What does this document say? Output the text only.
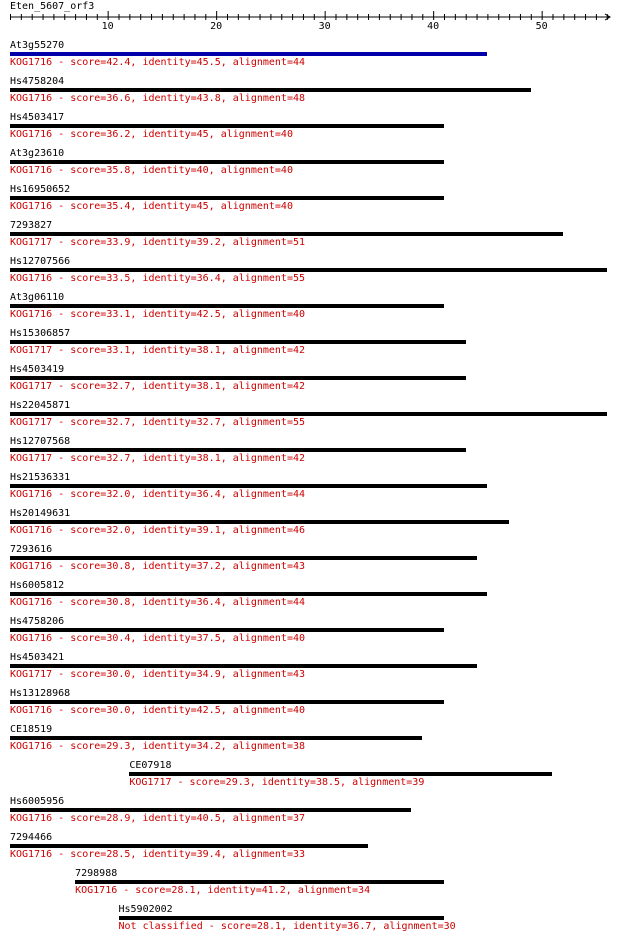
Eten_5607_orf3
At3g55270
KOG1716 - score=42.4, identity=45.5, alignment=44
Hs4758204
KOG1716 - score=36.6, identity=43.8, alignment=48
Hs4503417
KOG1716 - score=36.2, identity=45, alignment=40
At3g23610
KOG1716 - score=35.8, identity=40, alignment=40
Hs16950652
KOG1716 - score=35.4, identity=45, alignment=40
7293827
KOG1717 - score=33.9, identity=39.2, alignment=51
Hs12707566
KOG1716 - score=33.5, identity=36.4, alignment=55
At3g06110
KOG1716 - score=33.1, identity=42.5, alignment=40
Hs15306857
KOG1717 - score=33.1, identity=38.1, alignment=42
Hs4503419
KOG1717 - score=32.7, identity=38.1, alignment=42
Hs22045871
KOG1717 - score=32.7, identity=32.7, alignment=55
Hs12707568
KOG1717 - score=32.7, identity=38.1, alignment=42
Hs21536331
KOG1716 - score=32.0, identity=36.4, alignment=44
Hs20149631
KOG1716 - score=32.0, identity=39.1, alignment=46
7293616
KOG1716 - score=30.8, identity=37.2, alignment=43
Hs6005812
KOG1716 - score=30.8, identity=36.4, alignment=44
Hs4758206
KOG1716 - score=30.4, identity=37.5, alignment=40
Hs4503421
KOG1717 - score=30.0, identity=34.9, alignment=43
Hs13128968
KOG1716 - score=30.0, identity=42.5, alignment=40
CE18519
KOG1716 - score=29.3, identity=34.2, alignment=38
CE07918
KOG1717 - score=29.3, identity=38.5, alignment=39
Hs6005956
KOG1716 - score=28.9, identity=40.5, alignment=37
7294466
KOG1716 - score=28.5, identity=39.4, alignment=33
7298988
KOG1716 - score=28.1, identity=41.2, alignment=34
Hs5902002
Not classified - score=28.1, identity=36.7, alignment=30
10	20	30	40	50
